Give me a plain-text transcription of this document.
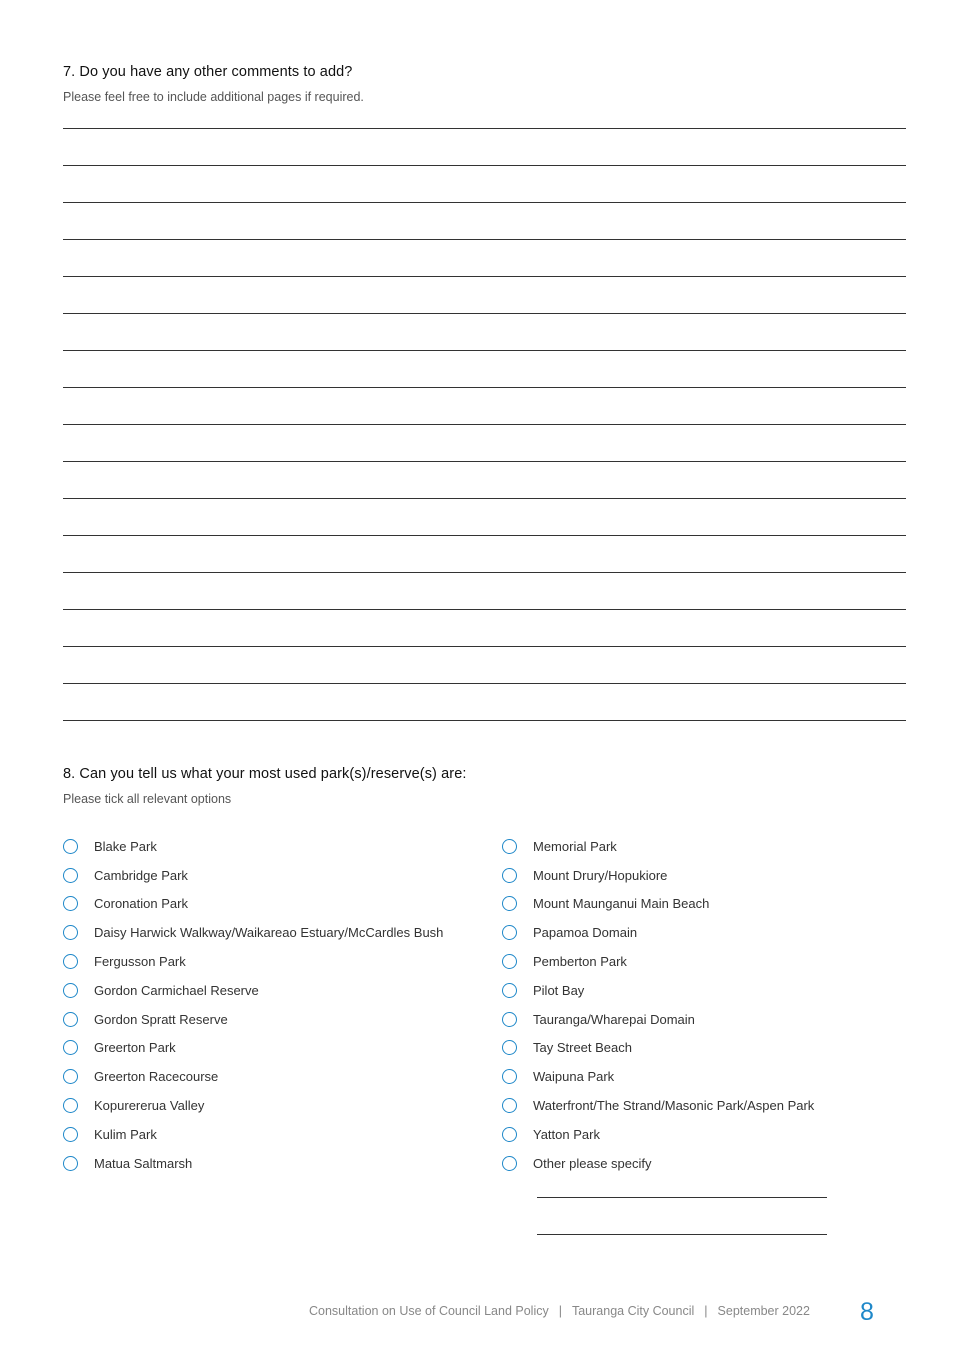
7. Do you have any other comments to add?

Please feel free to include additional pages if required.

8. Can you tell us what your most used park(s)/reserve(s) are:

Please tick all relevant options

Blake Park
Cambridge Park
Coronation Park
Daisy Harwick Walkway/Waikareao Estuary/McCardles Bush
Fergusson Park
Gordon Carmichael Reserve
Gordon Spratt Reserve
Greerton Park
Greerton Racecourse
Kopurererua Valley
Kulim Park
Matua Saltmarsh
Memorial Park
Mount Drury/Hopukiore
Mount Maunganui Main Beach
Papamoa Domain
Pemberton Park
Pilot Bay
Tauranga/Wharepai Domain
Tay Street Beach
Waipuna Park
Waterfront/The Strand/Masonic Park/Aspen Park
Yatton Park
Other please specify
Consultation on Use of Council Land Policy | Tauranga City Council | September 2022 8
